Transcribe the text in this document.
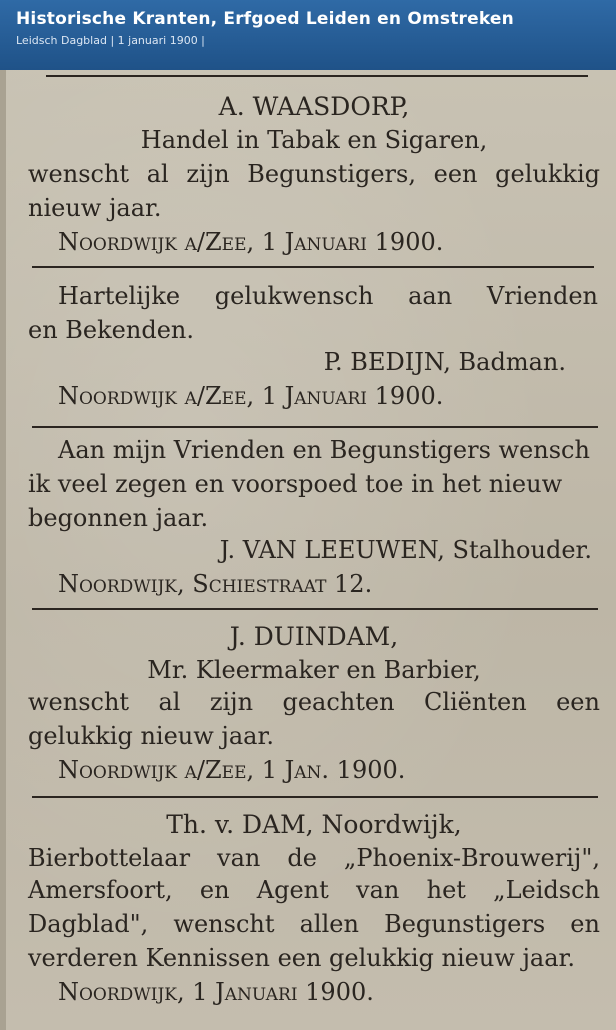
Historische Kranten, Erfgoed Leiden en Omstreken
Leidsch Dagblad | 1 januari 1900 |
A. WAASDORP,
Handel in Tabak en Sigaren,
wenscht al zijn Begunstigers, een gelukkig
nieuw jaar.
Noordwijk a/Zee, 1 Januari 1900.
Hartelijke gelukwensch aan Vrienden
en Bekenden.
P. BEDIJN, Badman.
Noordwijk a/Zee, 1 Januari 1900.
Aan mijn Vrienden en Begunstigers wensch
ik veel zegen en voorspoed toe in het nieuw
begonnen jaar.
J. VAN LEEUWEN, Stalhouder.
Noordwijk, Schiestraat 12.
J. DUINDAM,
Mr. Kleermaker en Barbier,
wenscht al zijn geachten Cliënten een
gelukkig nieuw jaar.
Noordwijk a/Zee, 1 Jan. 1900.
Th. v. DAM, Noordwijk,
Bierbottelaar van de „Phoenix-Brouwerij",
Amersfoort, en Agent van het „Leidsch
Dagblad", wenscht allen Begunstigers en
verderen Kennissen een gelukkig nieuw jaar.
Noordwijk, 1 Januari 1900.
